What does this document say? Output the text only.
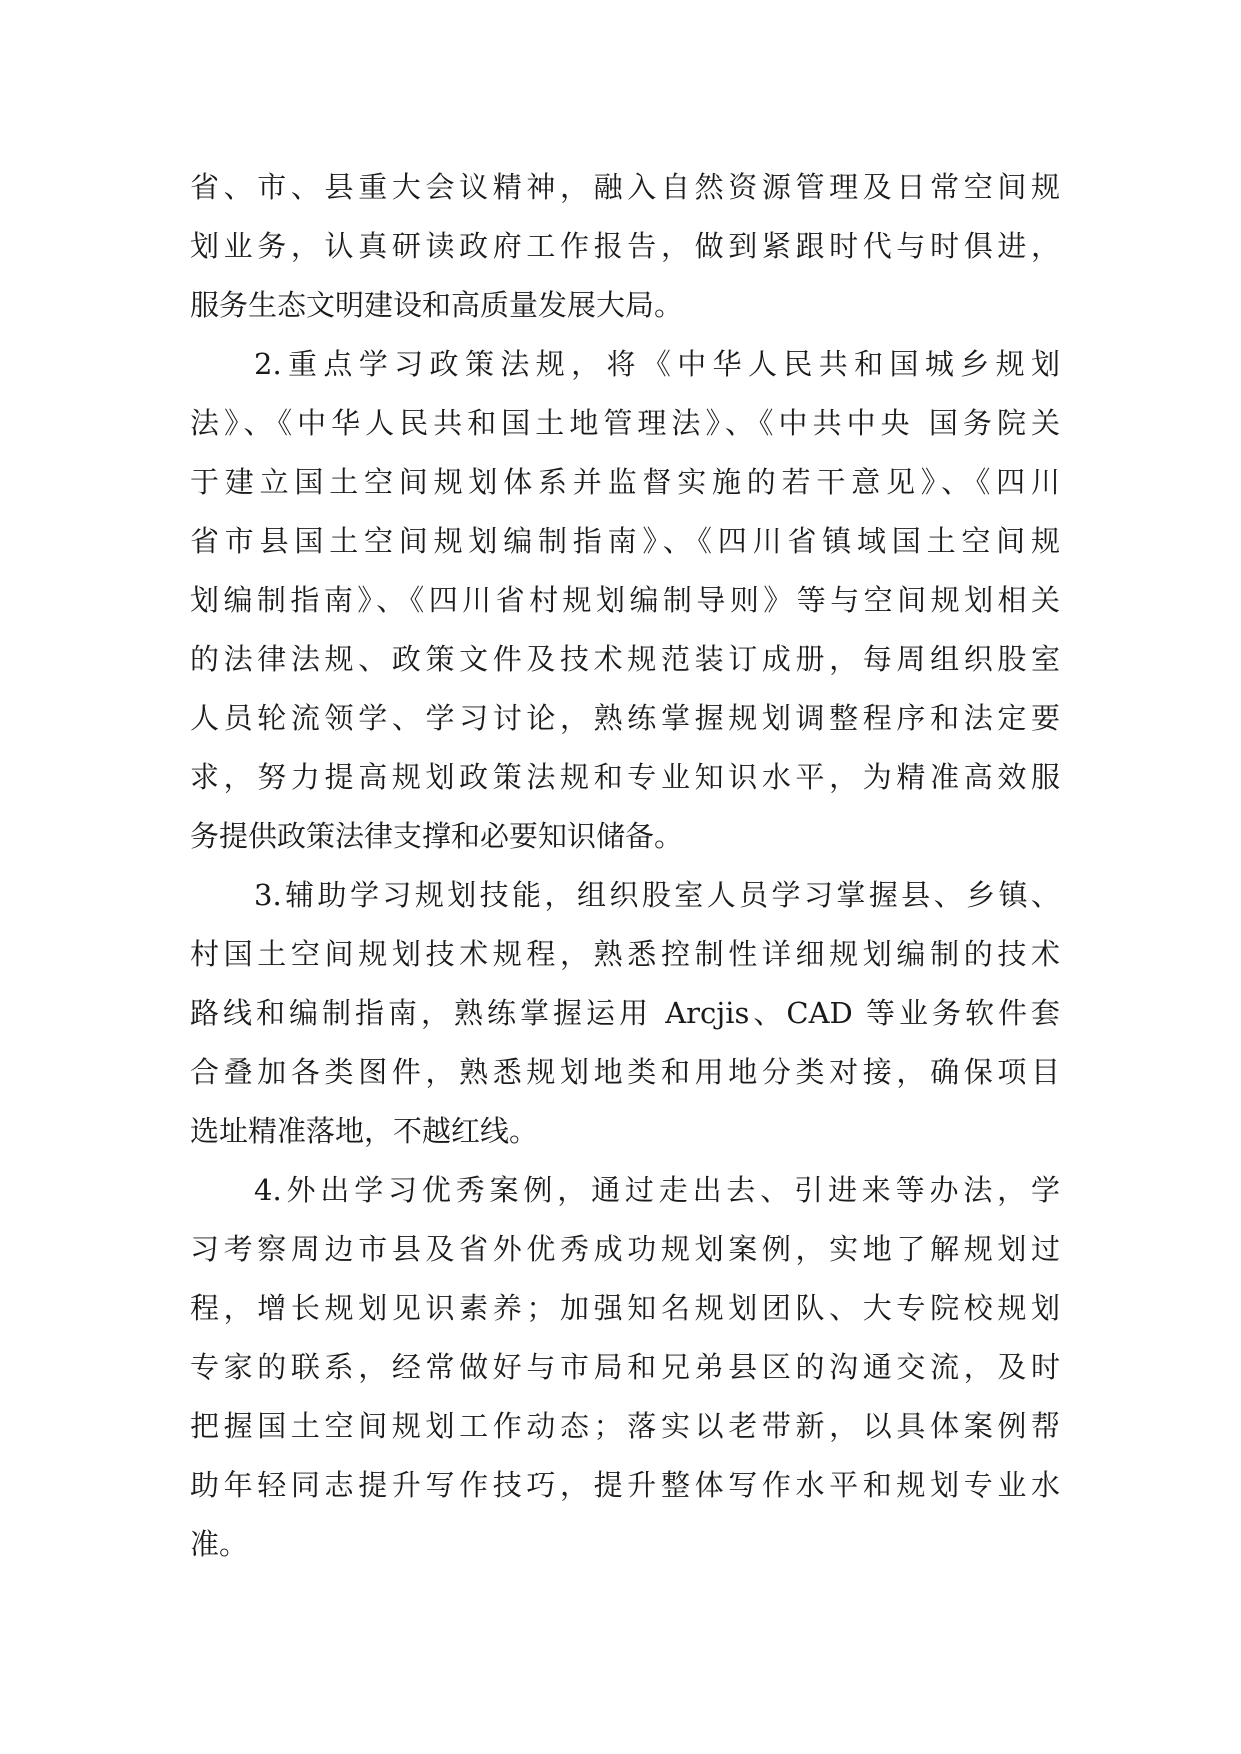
省、市、县重大会议精神，融入自然资源管理及日常空间规
划业务，认真研读政府工作报告，做到紧跟时代与时俱进，
服务生态文明建设和高质量发展大局。
2.重点学习政策法规，将《中华人民共和国城乡规划
法》、《中华人民共和国土地管理法》、《中共中央 国务院关
于建立国土空间规划体系并监督实施的若干意见》、《四川
省市县国土空间规划编制指南》、《四川省镇域国土空间规
划编制指南》、《四川省村规划编制导则》等与空间规划相关
的法律法规、政策文件及技术规范装订成册，每周组织股室
人员轮流领学、学习讨论，熟练掌握规划调整程序和法定要
求，努力提高规划政策法规和专业知识水平，为精准高效服
务提供政策法律支撑和必要知识储备。
3.辅助学习规划技能，组织股室人员学习掌握县、乡镇、
村国土空间规划技术规程，熟悉控制性详细规划编制的技术
路线和编制指南，熟练掌握运用 Arcjis、CAD 等业务软件套
合叠加各类图件，熟悉规划地类和用地分类对接，确保项目
选址精准落地，不越红线。
4.外出学习优秀案例，通过走出去、引进来等办法，学
习考察周边市县及省外优秀成功规划案例，实地了解规划过
程，增长规划见识素养；加强知名规划团队、大专院校规划
专家的联系，经常做好与市局和兄弟县区的沟通交流，及时
把握国土空间规划工作动态；落实以老带新，以具体案例帮
助年轻同志提升写作技巧，提升整体写作水平和规划专业水
准。
